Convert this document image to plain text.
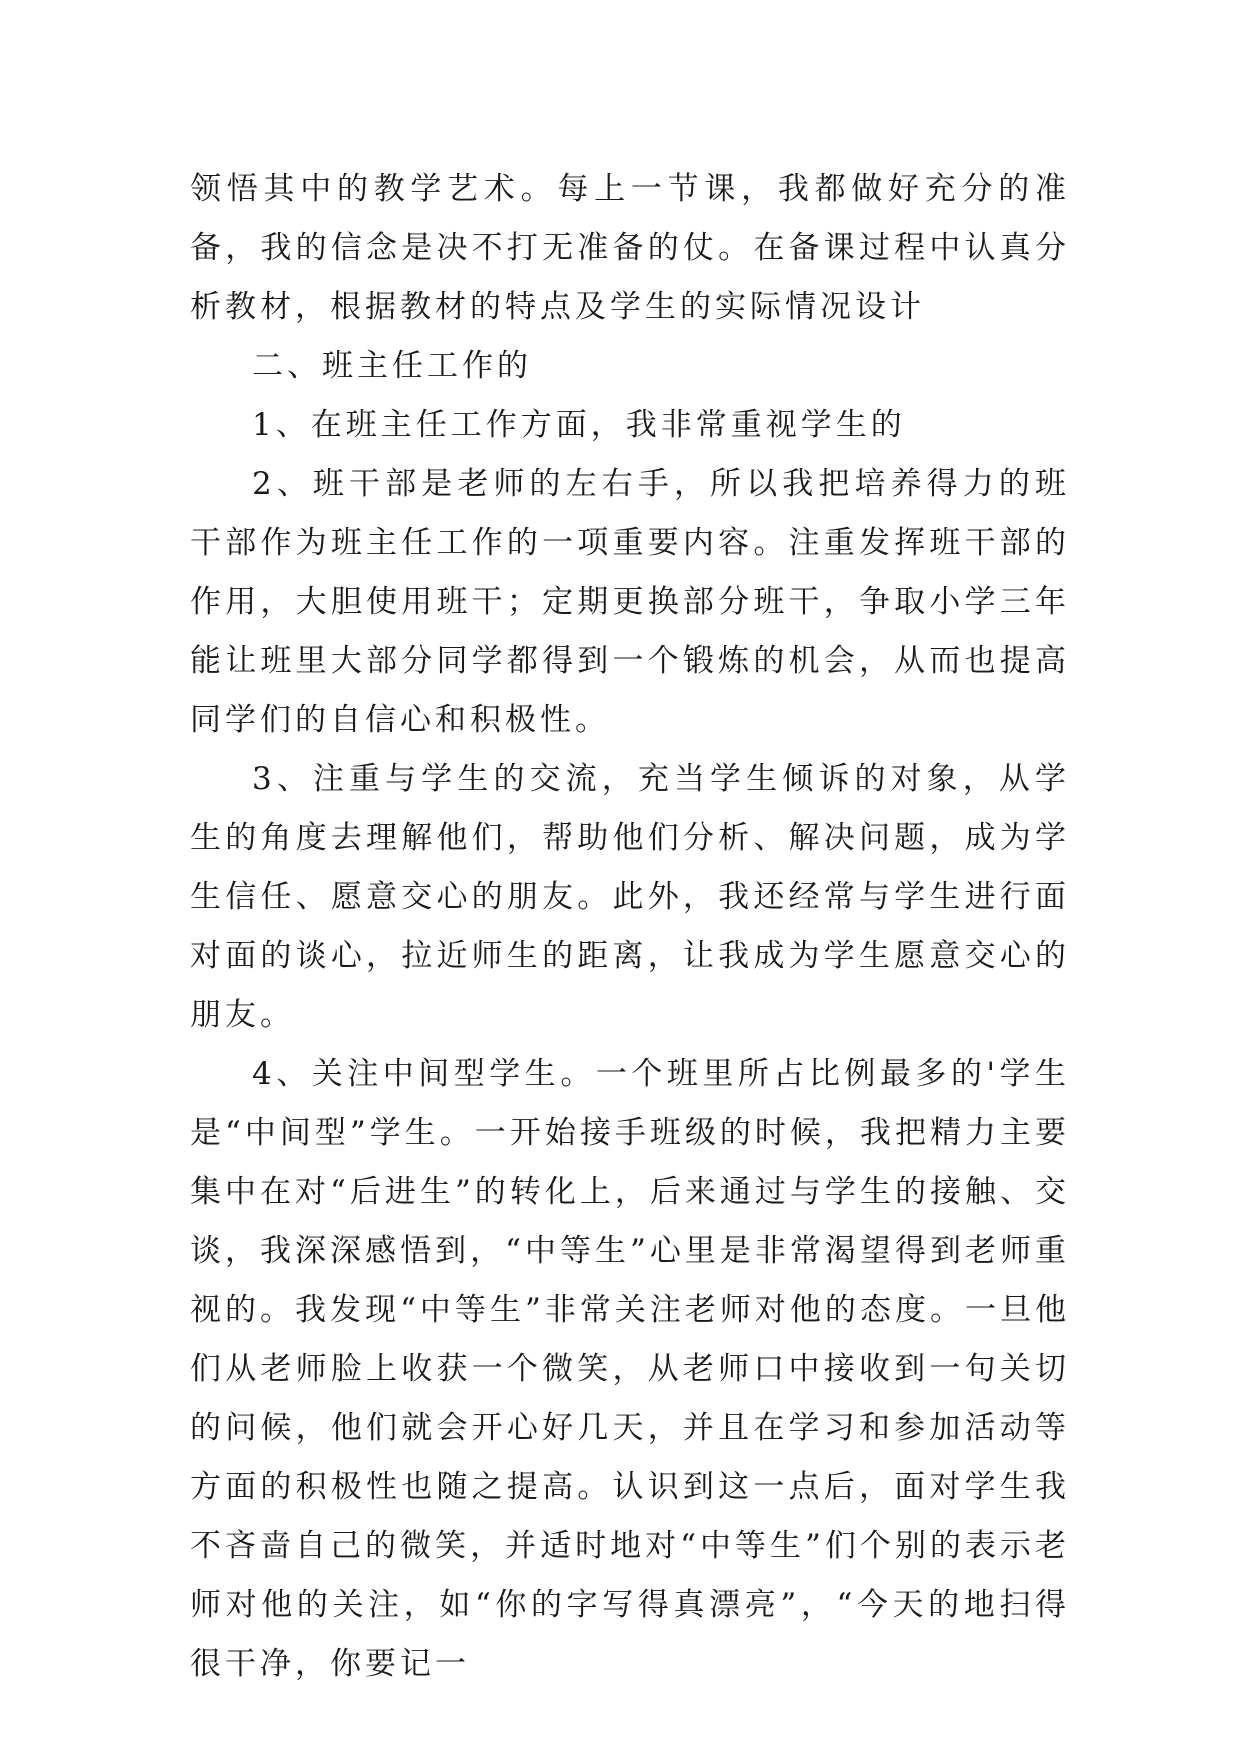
领悟其中的教学艺术。每上一节课，我都做好充分的准备，我的信念是决不打无准备的仗。在备课过程中认真分析教材，根据教材的特点及学生的实际情况设计

二、班主任工作的

1、在班主任工作方面，我非常重视学生的

2、班干部是老师的左右手，所以我把培养得力的班干部作为班主任工作的一项重要内容。注重发挥班干部的作用，大胆使用班干；定期更换部分班干，争取小学三年能让班里大部分同学都得到一个锻炼的机会，从而也提高同学们的自信心和积极性。

3、注重与学生的交流，充当学生倾诉的对象，从学生的角度去理解他们，帮助他们分析、解决问题，成为学生信任、愿意交心的朋友。此外，我还经常与学生进行面对面的谈心，拉近师生的距离，让我成为学生愿意交心的朋友。

4、关注中间型学生。一个班里所占比例最多的'学生是“中间型”学生。一开始接手班级的时候，我把精力主要集中在对“后进生”的转化上，后来通过与学生的接触、交谈，我深深感悟到，“中等生”心里是非常渴望得到老师重视的。我发现“中等生”非常关注老师对他的态度。一旦他们从老师脸上收获一个微笑，从老师口中接收到一句关切的问候，他们就会开心好几天，并且在学习和参加活动等方面的积极性也随之提高。认识到这一点后，面对学生我不吝啬自己的微笑，并适时地对“中等生”们个别的表示老师对他的关注，如“你的字写得真漂亮”，“今天的地扫得很干净，你要记一
